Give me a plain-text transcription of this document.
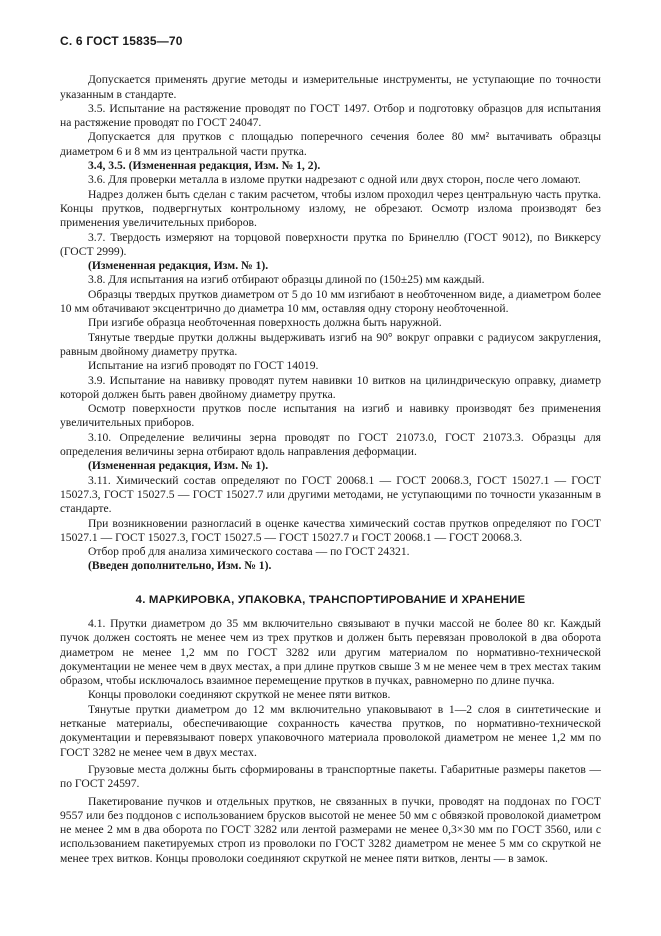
С. 6 ГОСТ 15835—70

Допускается применять другие методы и измерительные инструменты, не уступающие по точности указанным в стандарте.

3.5. Испытание на растяжение проводят по ГОСТ 1497. Отбор и подготовку образцов для испытания на растяжение проводят по ГОСТ 24047.

Допускается для прутков с площадью поперечного сечения более 80 мм² вытачивать образцы диаметром 6 и 8 мм из центральной части прутка.

3.4, 3.5. (Измененная редакция, Изм. № 1, 2).

3.6. Для проверки металла в изломе прутки надрезают с одной или двух сторон, после чего ломают.

Надрез должен быть сделан с таким расчетом, чтобы излом проходил через центральную часть прутка. Концы прутков, подвергнутых контрольному излому, не обрезают. Осмотр излома производят без применения увеличительных приборов.

3.7. Твердость измеряют на торцовой поверхности прутка по Бринеллю (ГОСТ 9012), по Виккерсу (ГОСТ 2999).

(Измененная редакция, Изм. № 1).

3.8. Для испытания на изгиб отбирают образцы длиной по (150±25) мм каждый.

Образцы твердых прутков диаметром от 5 до 10 мм изгибают в необточенном виде, а диаметром более 10 мм обтачивают эксцентрично до диаметра 10 мм, оставляя одну сторону необточенной.

При изгибе образца необточенная поверхность должна быть наружной.

Тянутые твердые прутки должны выдерживать изгиб на 90° вокруг оправки с радиусом закругления, равным двойному диаметру прутка.

Испытание на изгиб проводят по ГОСТ 14019.

3.9. Испытание на навивку проводят путем навивки 10 витков на цилиндрическую оправку, диаметр которой должен быть равен двойному диаметру прутка.

Осмотр поверхности прутков после испытания на изгиб и навивку производят без применения увеличительных приборов.

3.10. Определение величины зерна проводят по ГОСТ 21073.0, ГОСТ 21073.3. Образцы для определения величины зерна отбирают вдоль направления деформации.

(Измененная редакция, Изм. № 1).

3.11. Химический состав определяют по ГОСТ 20068.1 — ГОСТ 20068.3, ГОСТ 15027.1 — ГОСТ 15027.3, ГОСТ 15027.5 — ГОСТ 15027.7 или другими методами, не уступающими по точности указанным в стандарте.

При возникновении разногласий в оценке качества химический состав прутков определяют по ГОСТ 15027.1 — ГОСТ 15027.3, ГОСТ 15027.5 — ГОСТ 15027.7 и ГОСТ 20068.1 — ГОСТ 20068.3.

Отбор проб для анализа химического состава — по ГОСТ 24321.

(Введен дополнительно, Изм. № 1).

4. МАРКИРОВКА, УПАКОВКА, ТРАНСПОРТИРОВАНИЕ И ХРАНЕНИЕ

4.1. Прутки диаметром до 35 мм включительно связывают в пучки массой не более 80 кг. Каждый пучок должен состоять не менее чем из трех прутков и должен быть перевязан проволокой в два оборота диаметром не менее 1,2 мм по ГОСТ 3282 или другим материалом по нормативно-технической документации не менее чем в двух местах, а при длине прутков свыше 3 м не менее чем в трех местах таким образом, чтобы исключалось взаимное перемещение прутков в пучках, равномерно по длине пучка.

Концы проволоки соединяют скруткой не менее пяти витков.

Тянутые прутки диаметром до 12 мм включительно упаковывают в 1—2 слоя в синтетические и нетканые материалы, обеспечивающие сохранность качества прутков, по нормативно-технической документации и перевязывают поверх упаковочного материала проволокой диаметром не менее 1,2 мм по ГОСТ 3282 не менее чем в двух местах.

Грузовые места должны быть сформированы в транспортные пакеты. Габаритные размеры пакетов — по ГОСТ 24597.

Пакетирование пучков и отдельных прутков, не связанных в пучки, проводят на поддонах по ГОСТ 9557 или без поддонов с использованием брусков высотой не менее 50 мм с обвязкой проволокой диаметром не менее 2 мм в два оборота по ГОСТ 3282 или лентой размерами не менее 0,3×30 мм по ГОСТ 3560, или с использованием пакетируемых строп из проволоки по ГОСТ 3282 диаметром не менее 5 мм со скруткой не менее трех витков. Концы проволоки соединяют скруткой не менее пяти витков, ленты — в замок.
